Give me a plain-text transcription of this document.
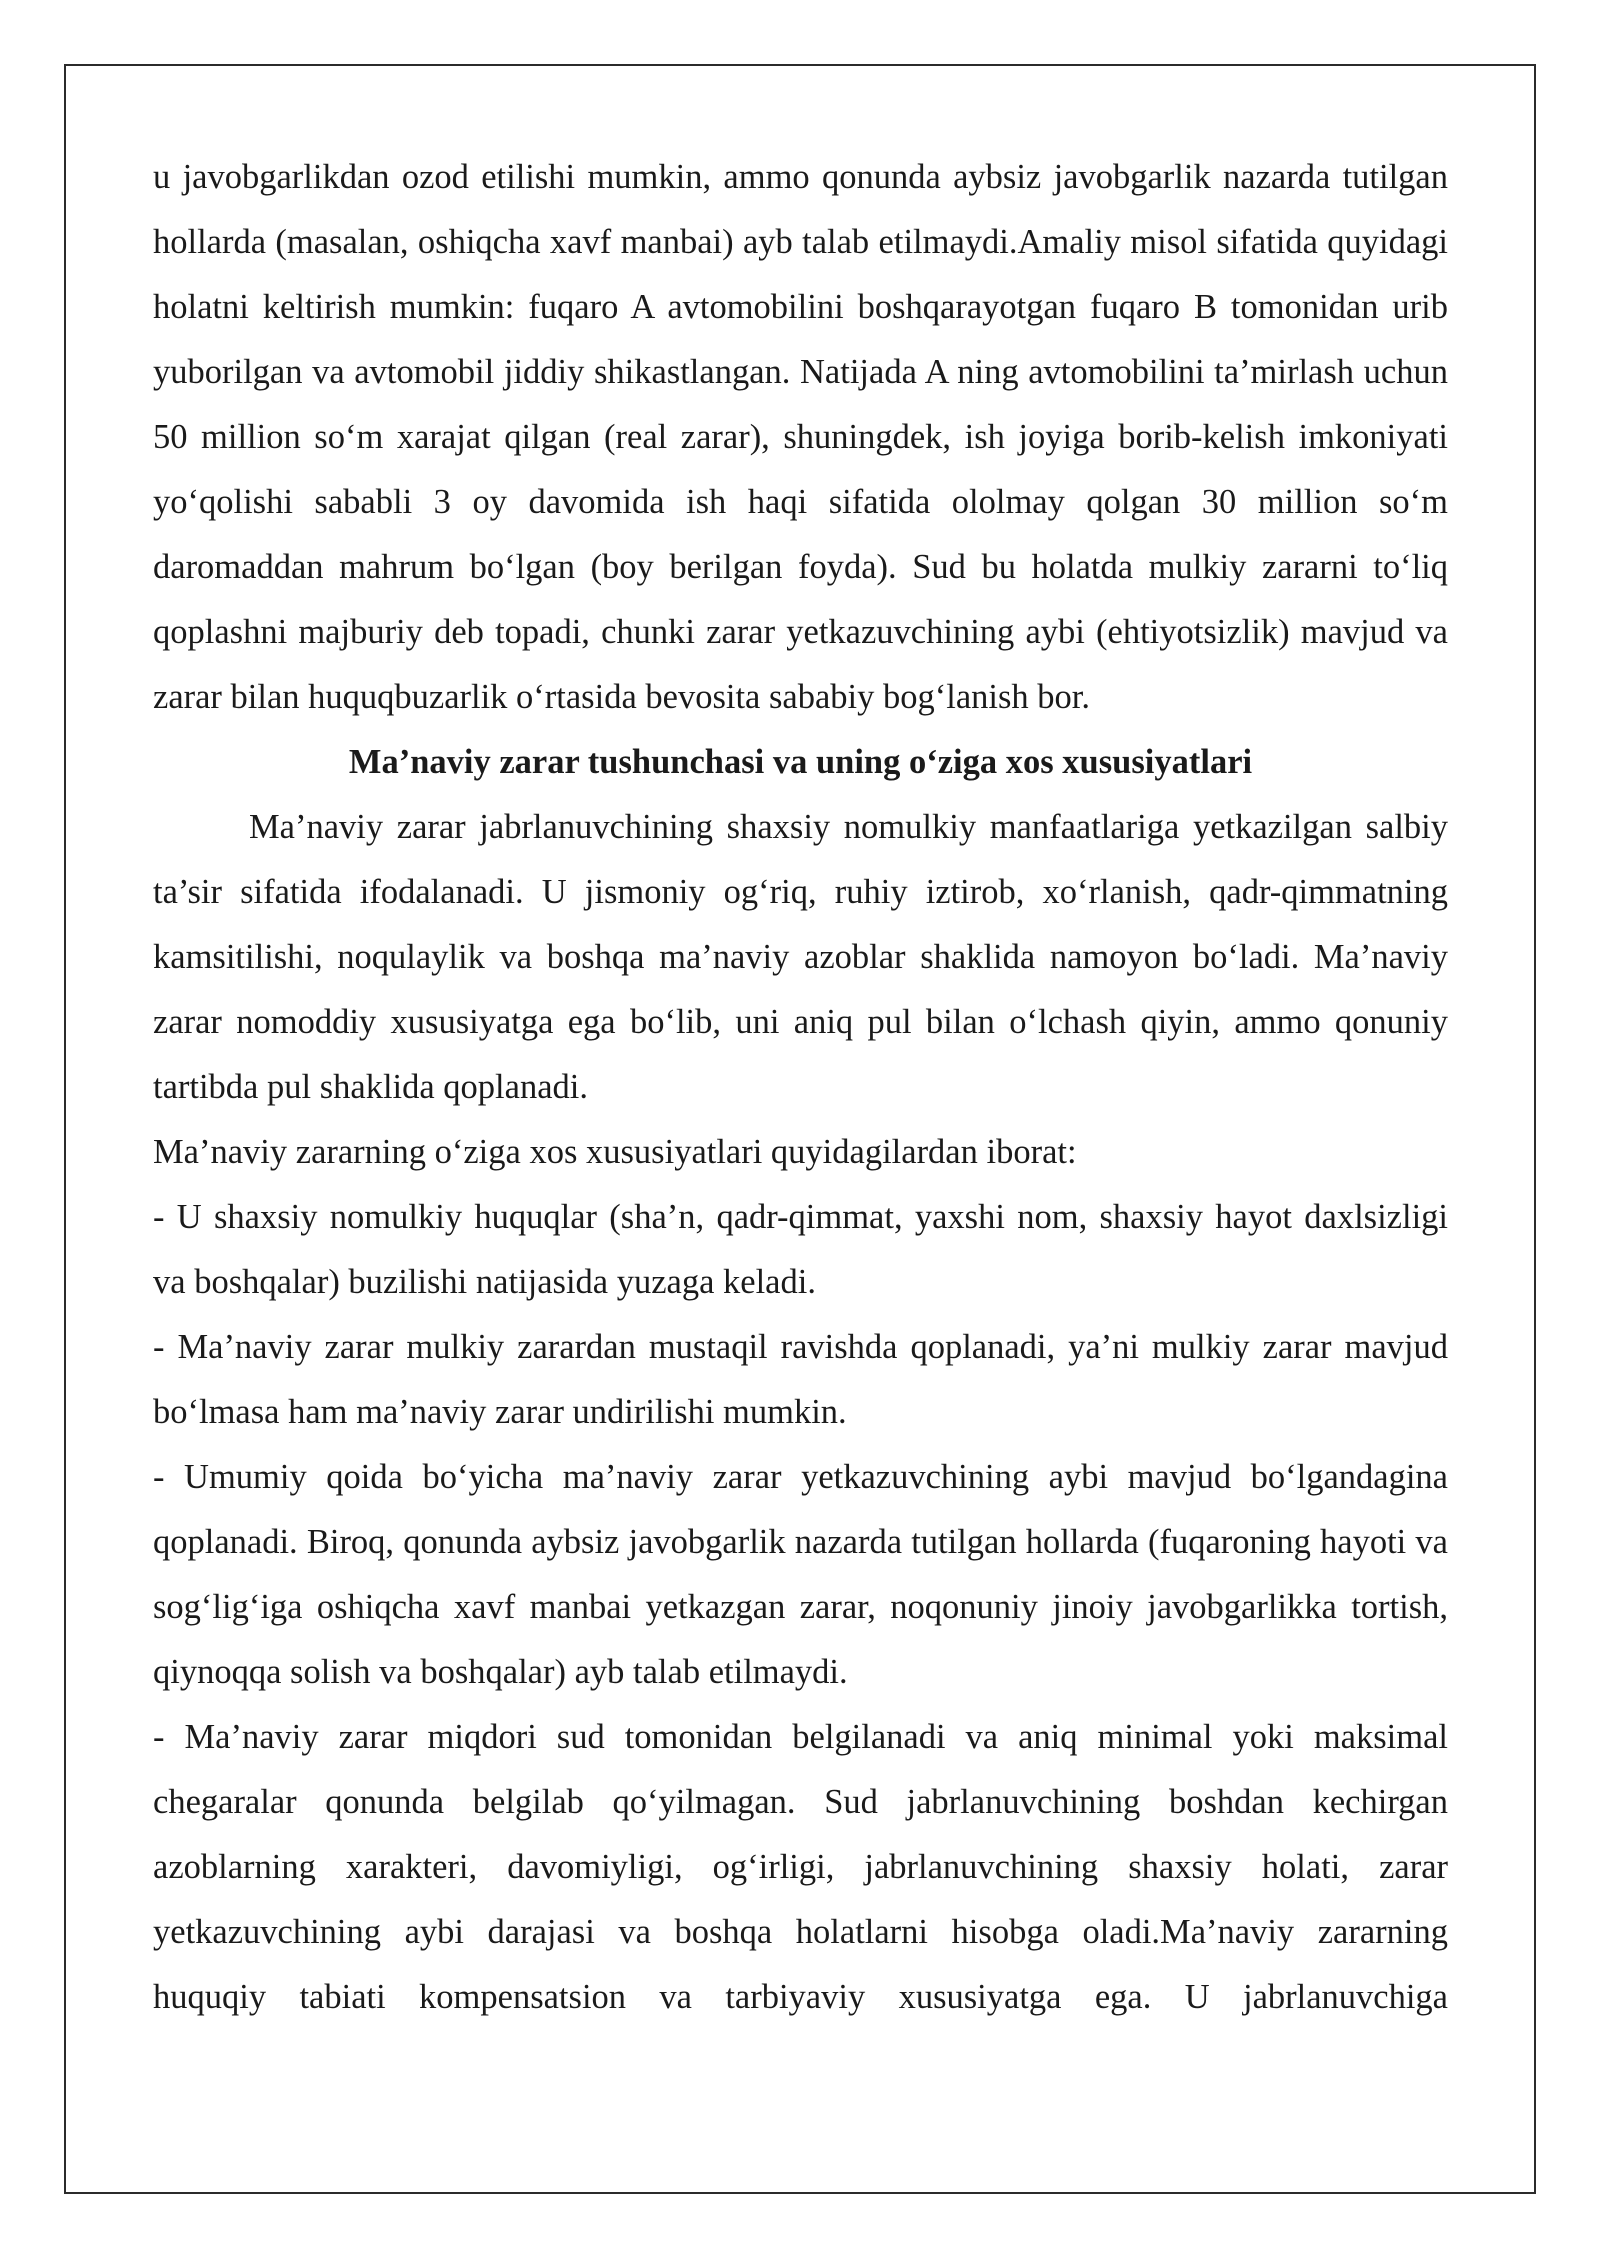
u javobgarlikdan ozod etilishi mumkin, ammo qonunda aybsiz javobgarlik nazarda tutilgan hollarda (masalan, oshiqcha xavf manbai) ayb talab etilmaydi.Amaliy misol sifatida quyidagi holatni keltirish mumkin: fuqaro A avtomobilini boshqarayotgan fuqaro B tomonidan urib yuborilgan va avtomobil jiddiy shikastlangan. Natijada A ning avtomobilini ta’mirlash uchun 50 million so‘m xarajat qilgan (real zarar), shuningdek, ish joyiga borib-kelish imkoniyati yo‘qolishi sababli 3 oy davomida ish haqi sifatida ololmay qolgan 30 million so‘m daromaddan mahrum bo‘lgan (boy berilgan foyda). Sud bu holatda mulkiy zararni to‘liq qoplashni majburiy deb topadi, chunki zarar yetkazuvchining aybi (ehtiyotsizlik) mavjud va zarar bilan huquqbuzarlik o‘rtasida bevosita sababiy bog‘lanish bor.

Ma’naviy zarar tushunchasi va uning o‘ziga xos xususiyatlari

Ma’naviy zarar jabrlanuvchining shaxsiy nomulkiy manfaatlariga yetkazilgan salbiy ta’sir sifatida ifodalanadi. U jismoniy og‘riq, ruhiy iztirob, xo‘rlanish, qadr-qimmatning kamsitilishi, noqulaylik va boshqa ma’naviy azoblar shaklida namoyon bo‘ladi. Ma’naviy zarar nomoddiy xususiyatga ega bo‘lib, uni aniq pul bilan o‘lchash qiyin, ammo qonuniy tartibda pul shaklida qoplanadi.

Ma’naviy zararning o‘ziga xos xususiyatlari quyidagilardan iborat:

- U shaxsiy nomulkiy huquqlar (sha’n, qadr-qimmat, yaxshi nom, shaxsiy hayot daxlsizligi va boshqalar) buzilishi natijasida yuzaga keladi.

- Ma’naviy zarar mulkiy zarardan mustaqil ravishda qoplanadi, ya’ni mulkiy zarar mavjud bo‘lmasa ham ma’naviy zarar undirilishi mumkin.

- Umumiy qoida bo‘yicha ma’naviy zarar yetkazuvchining aybi mavjud bo‘lgandagina qoplanadi. Biroq, qonunda aybsiz javobgarlik nazarda tutilgan hollarda (fuqaroning hayoti va sog‘lig‘iga oshiqcha xavf manbai yetkazgan zarar, noqonuniy jinoiy javobgarlikka tortish, qiynoqqa solish va boshqalar) ayb talab etilmaydi.

- Ma’naviy zarar miqdori sud tomonidan belgilanadi va aniq minimal yoki maksimal chegaralar qonunda belgilab qo‘yilmagan. Sud jabrlanuvchining boshdan kechirgan azoblarning xarakteri, davomiyligi, og‘irligi, jabrlanuvchining shaxsiy holati, zarar yetkazuvchining aybi darajasi va boshqa holatlarni hisobga oladi.Ma’naviy zararning huquqiy tabiati kompensatsion va tarbiyaviy xususiyatga ega. U jabrlanuvchiga
